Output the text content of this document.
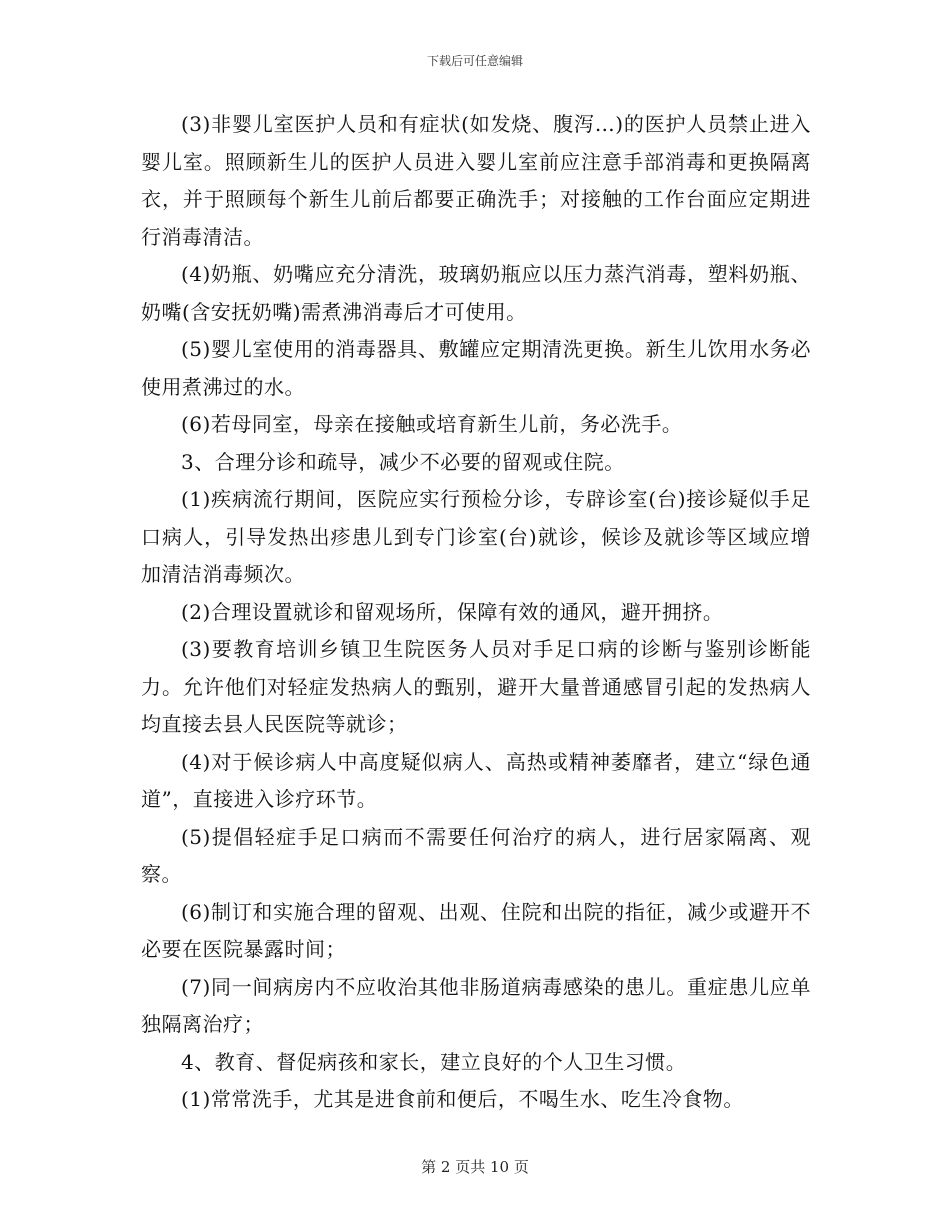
下载后可任意编辑

(3)非婴儿室医护人员和有症状(如发烧、腹泻…)的医护人员禁止进入婴儿室。照顾新生儿的医护人员进入婴儿室前应注意手部消毒和更换隔离衣，并于照顾每个新生儿前后都要正确洗手；对接触的工作台面应定期进行消毒清洁。

(4)奶瓶、奶嘴应充分清洗，玻璃奶瓶应以压力蒸汽消毒，塑料奶瓶、奶嘴(含安抚奶嘴)需煮沸消毒后才可使用。

(5)婴儿室使用的消毒器具、敷罐应定期清洗更换。新生儿饮用水务必使用煮沸过的水。

(6)若母同室，母亲在接触或培育新生儿前，务必洗手。

3、合理分诊和疏导，减少不必要的留观或住院。

(1)疾病流行期间，医院应实行预检分诊，专辟诊室(台)接诊疑似手足口病人，引导发热出疹患儿到专门诊室(台)就诊，候诊及就诊等区域应增加清洁消毒频次。

(2)合理设置就诊和留观场所，保障有效的通风，避开拥挤。

(3)要教育培训乡镇卫生院医务人员对手足口病的诊断与鉴别诊断能力。允许他们对轻症发热病人的甄别，避开大量普通感冒引起的发热病人均直接去县人民医院等就诊；

(4)对于候诊病人中高度疑似病人、高热或精神萎靡者，建立“绿色通道”，直接进入诊疗环节。

(5)提倡轻症手足口病而不需要任何治疗的病人，进行居家隔离、观察。

(6)制订和实施合理的留观、出观、住院和出院的指征，减少或避开不必要在医院暴露时间；

(7)同一间病房内不应收治其他非肠道病毒感染的患儿。重症患儿应单独隔离治疗；

4、教育、督促病孩和家长，建立良好的个人卫生习惯。

(1)常常洗手，尤其是进食前和便后，不喝生水、吃生冷食物。

第 2 页共 10 页
